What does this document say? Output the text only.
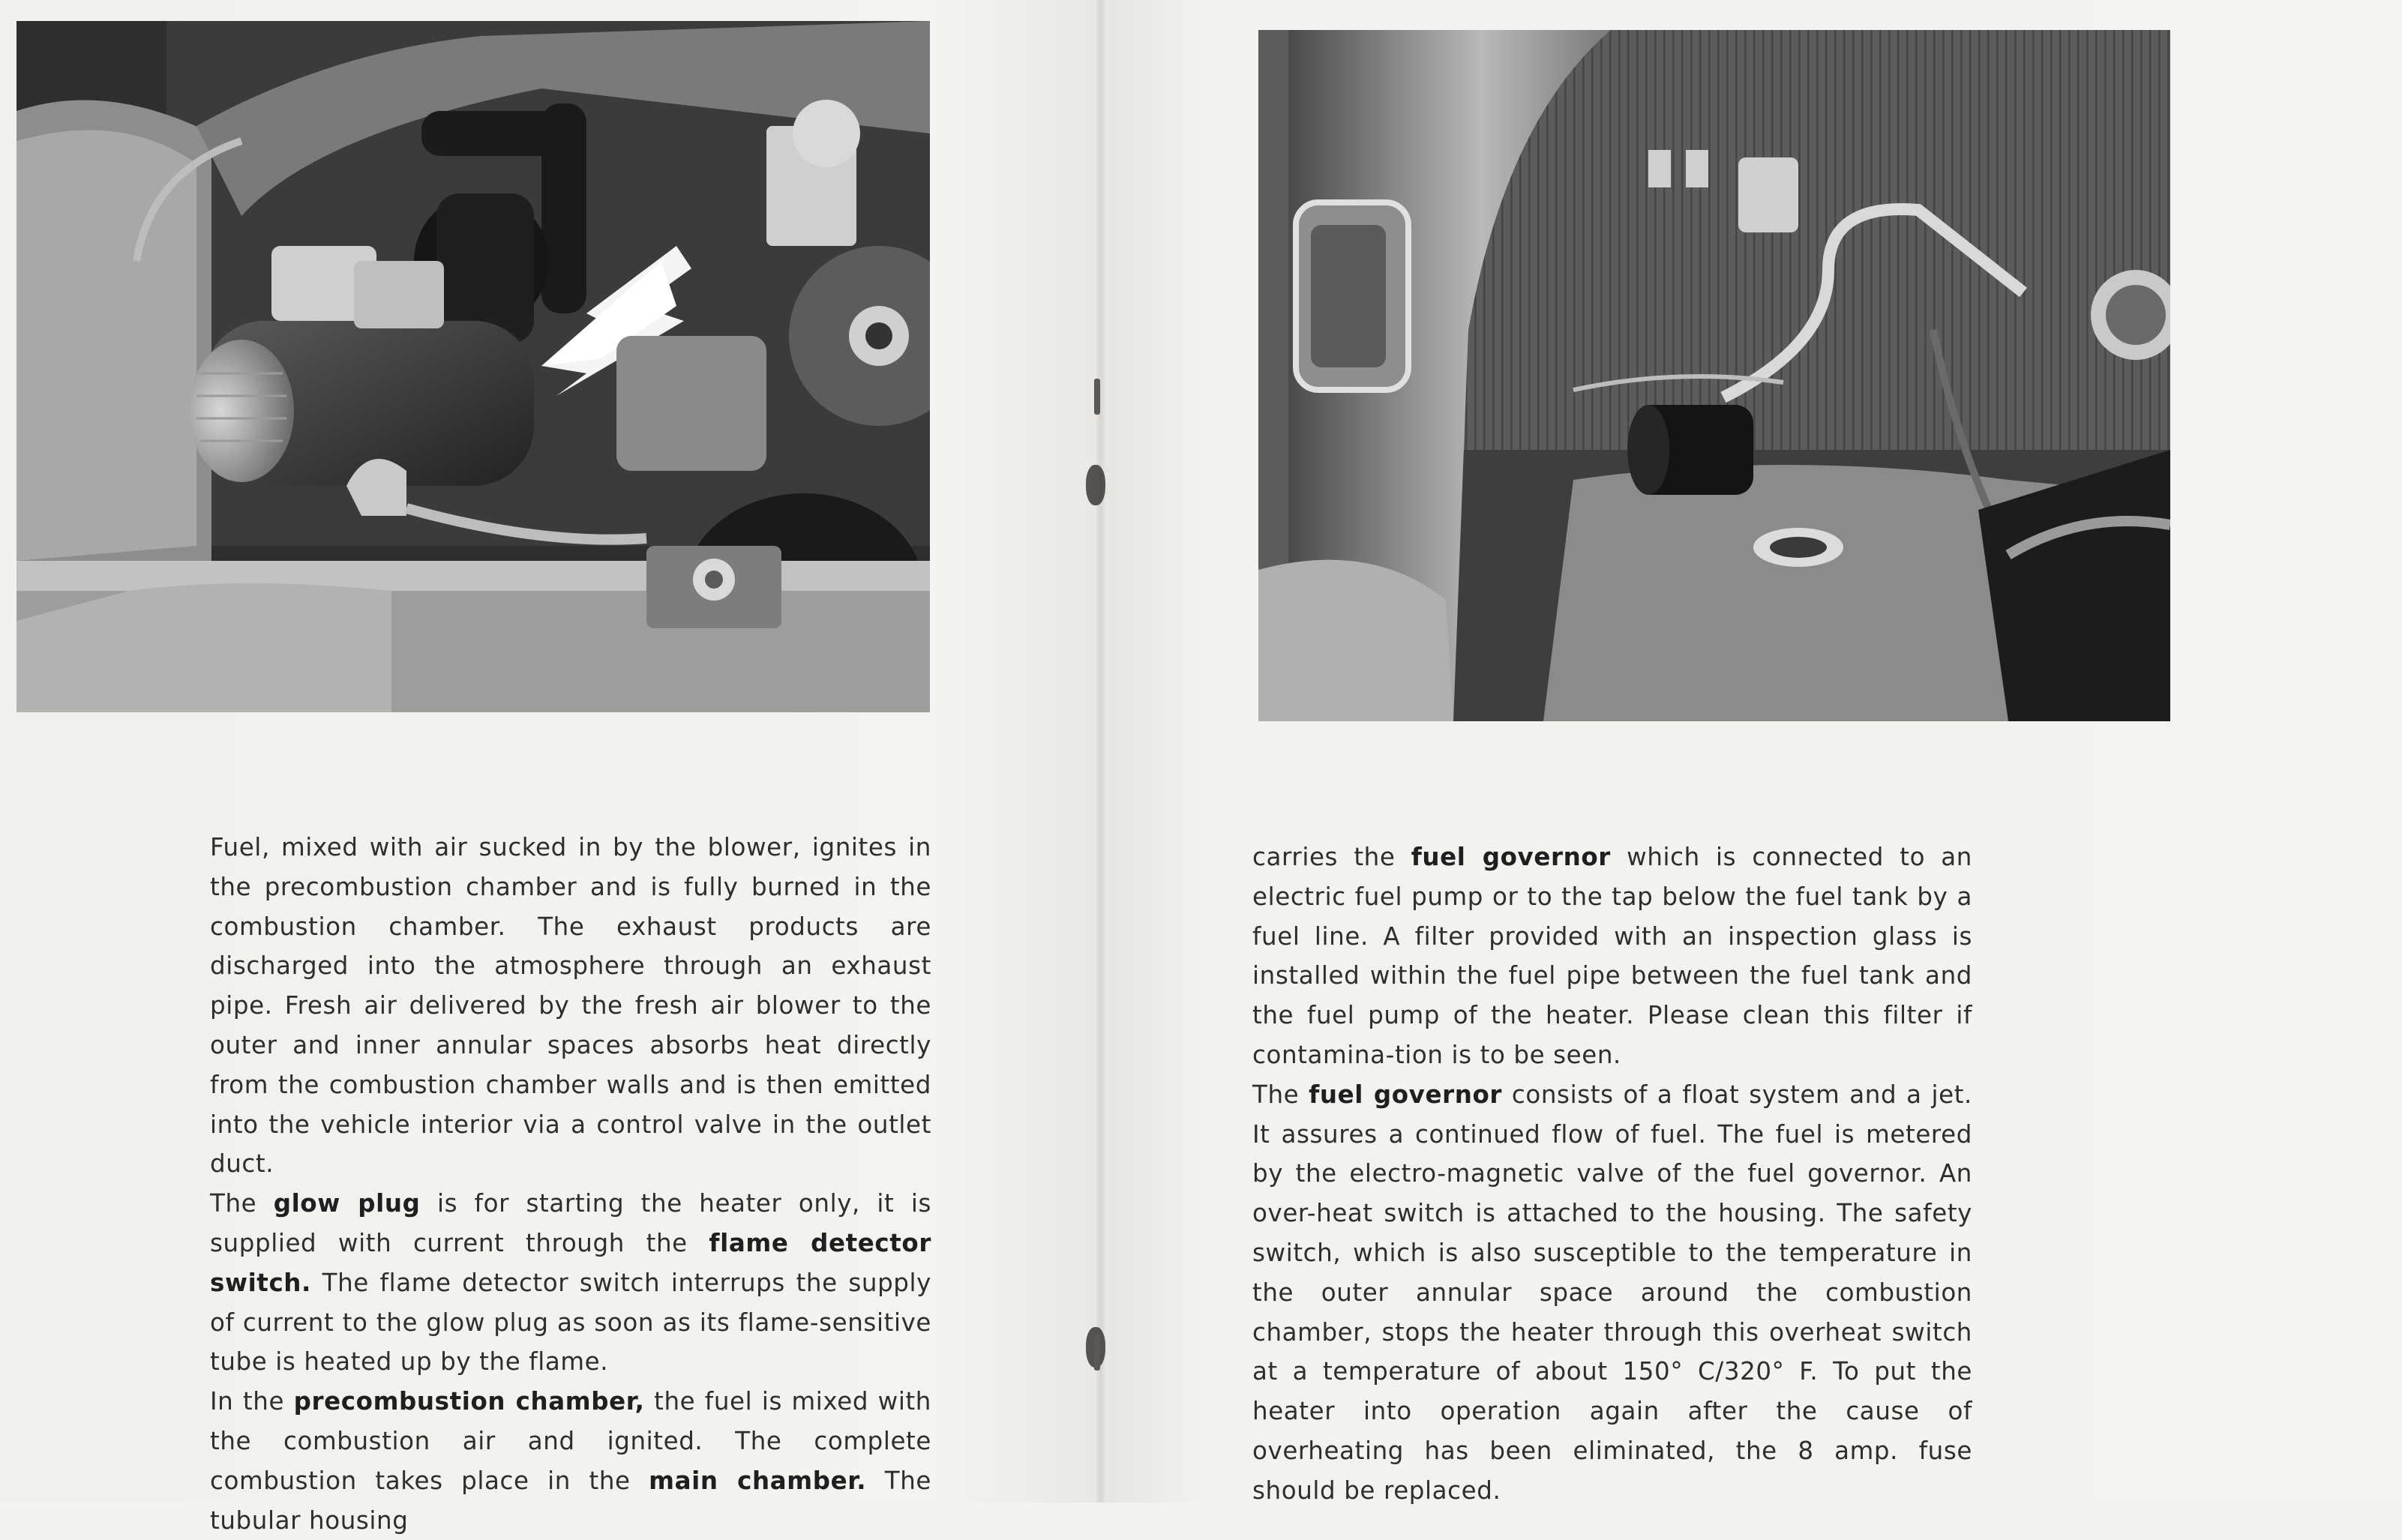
Fuel, mixed with air sucked in by the blower, ignites in the precombustion chamber and is fully burned in the combustion chamber. The exhaust products are discharged into the atmosphere through an exhaust pipe. Fresh air delivered by the fresh air blower to the outer and inner annular spaces absorbs heat directly from the combustion chamber walls and is then emitted into the vehicle interior via a control valve in the outlet duct.

The glow plug is for starting the heater only, it is supplied with current through the flame detector switch. The flame detector switch interrups the supply of current to the glow plug as soon as its flame-sensitive tube is heated up by the flame.

In the precombustion chamber, the fuel is mixed with the combustion air and ignited. The complete combustion takes place in the main chamber. The tubular housing

carries the fuel governor which is connected to an electric fuel pump or to the tap below the fuel tank by a fuel line. A filter provided with an inspection glass is installed within the fuel pipe between the fuel tank and the fuel pump of the heater. Please clean this filter if contamina-tion is to be seen.

The fuel governor consists of a float system and a jet. It assures a continued flow of fuel. The fuel is metered by the electro-magnetic valve of the fuel governor. An over-heat switch is attached to the housing. The safety switch, which is also susceptible to the temperature in the outer annular space around the combustion chamber, stops the heater through this overheat switch at a temperature of about 150° C/320° F. To put the heater into operation again after the cause of overheating has been eliminated, the 8 amp. fuse should be replaced.
